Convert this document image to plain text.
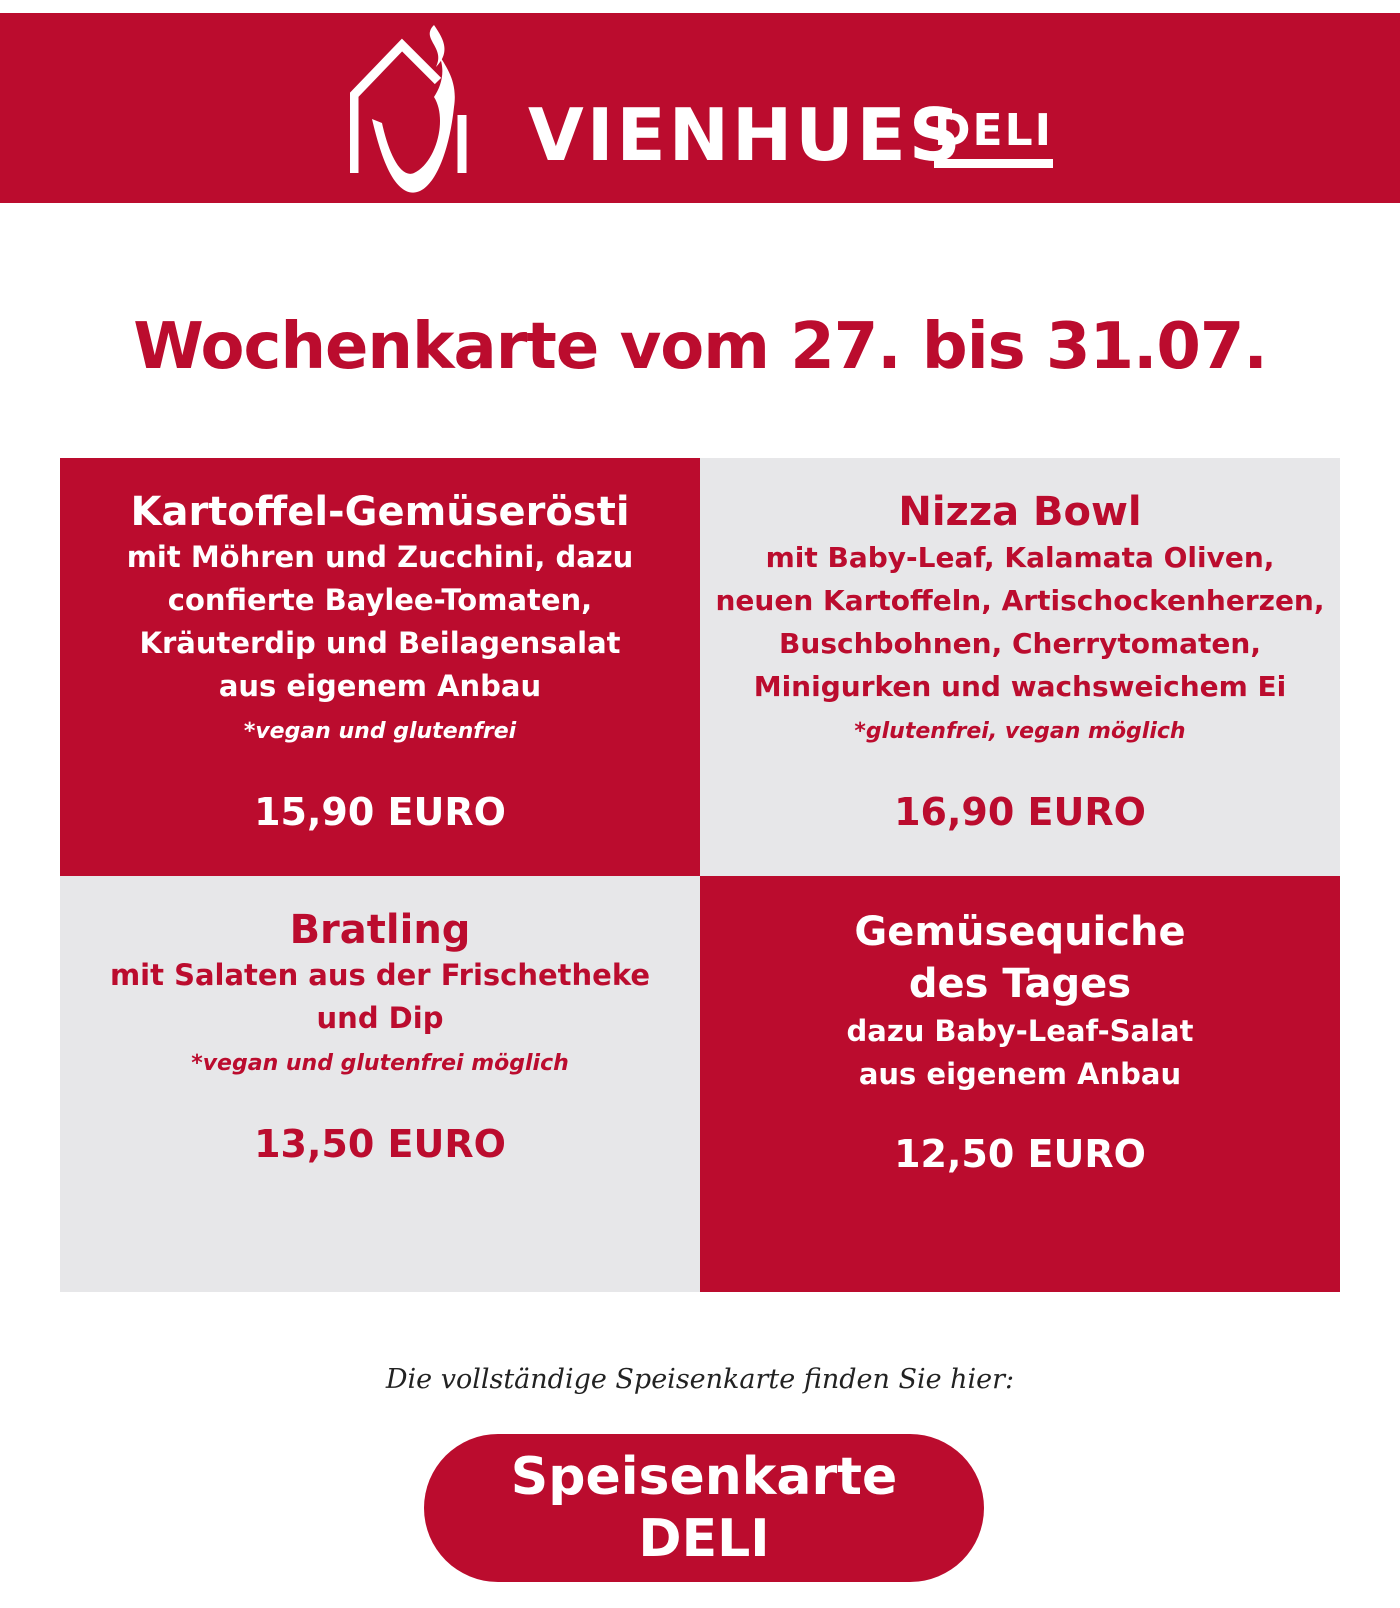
VIENHUES
DELI
Wochenkarte vom 27. bis 31.07.
Kartoffel-Gemüserösti
mit Möhren und Zucchini, dazu
confierte Baylee-Tomaten,
Kräuterdip und Beilagensalat
aus eigenem Anbau
*vegan und glutenfrei
15,90 EURO
Nizza Bowl
mit Baby-Leaf, Kalamata Oliven,
neuen Kartoffeln, Artischockenherzen,
Buschbohnen, Cherrytomaten,
Minigurken und wachsweichem Ei
*glutenfrei, vegan möglich
16,90 EURO
Bratling
mit Salaten aus der Frischetheke
und Dip
*vegan und glutenfrei möglich
13,50 EURO
Gemüsequiche
des Tages
dazu Baby-Leaf-Salat
aus eigenem Anbau
12,50 EURO
Die vollständige Speisenkarte finden Sie hier:
Speisenkarte
DELI
